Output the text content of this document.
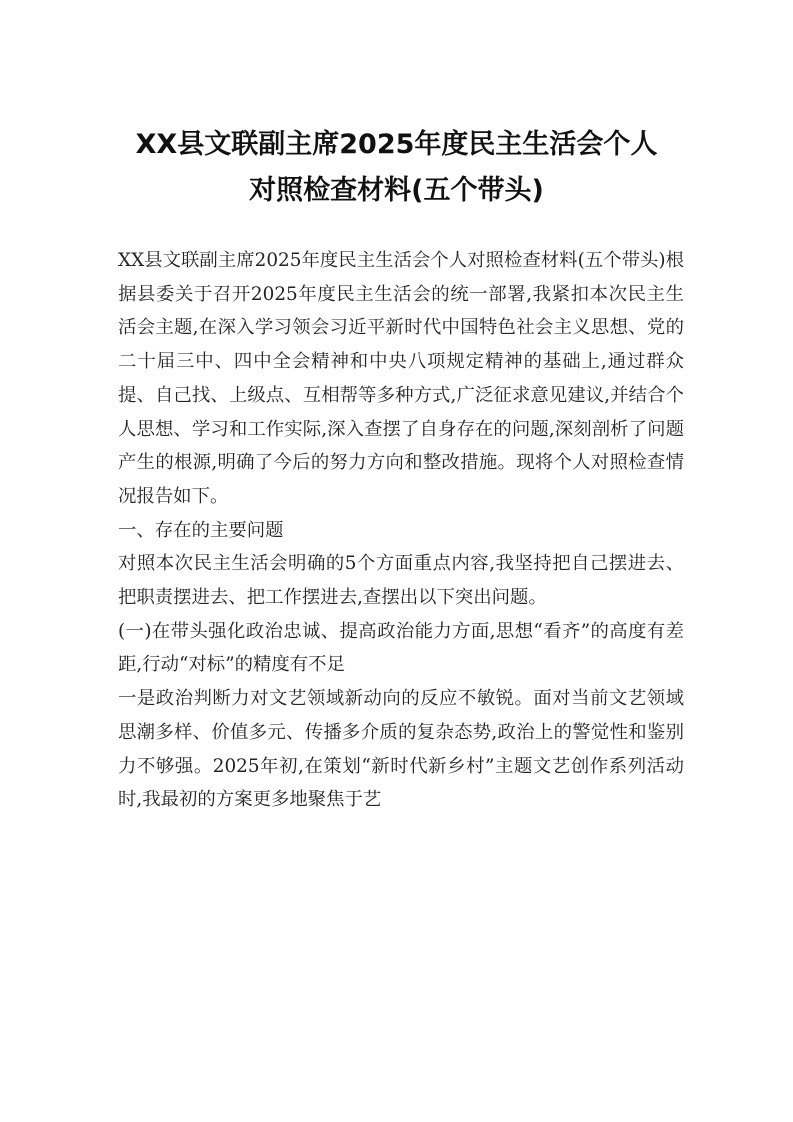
XX县文联副主席2025年度民主生活会个人
对照检查材料(五个带头)

XX县文联副主席2025年度民主生活会个人对照检查材料(五个带头)根据县委关于召开2025年度民主生活会的统一部署,我紧扣本次民主生活会主题,在深入学习领会习近平新时代中国特色社会主义思想、党的二十届三中、四中全会精神和中央八项规定精神的基础上,通过群众提、自己找、上级点、互相帮等多种方式,广泛征求意见建议,并结合个人思想、学习和工作实际,深入查摆了自身存在的问题,深刻剖析了问题产生的根源,明确了今后的努力方向和整改措施。现将个人对照检查情况报告如下。

一、存在的主要问题

对照本次民主生活会明确的5个方面重点内容,我坚持把自己摆进去、把职责摆进去、把工作摆进去,查摆出以下突出问题。

(一)在带头强化政治忠诚、提高政治能力方面,思想“看齐”的高度有差距,行动“对标”的精度有不足

一是政治判断力对文艺领域新动向的反应不敏锐。面对当前文艺领域思潮多样、价值多元、传播多介质的复杂态势,政治上的警觉性和鉴别力不够强。2025年初,在策划“新时代新乡村”主题文艺创作系列活动时,我最初的方案更多地聚焦于艺
